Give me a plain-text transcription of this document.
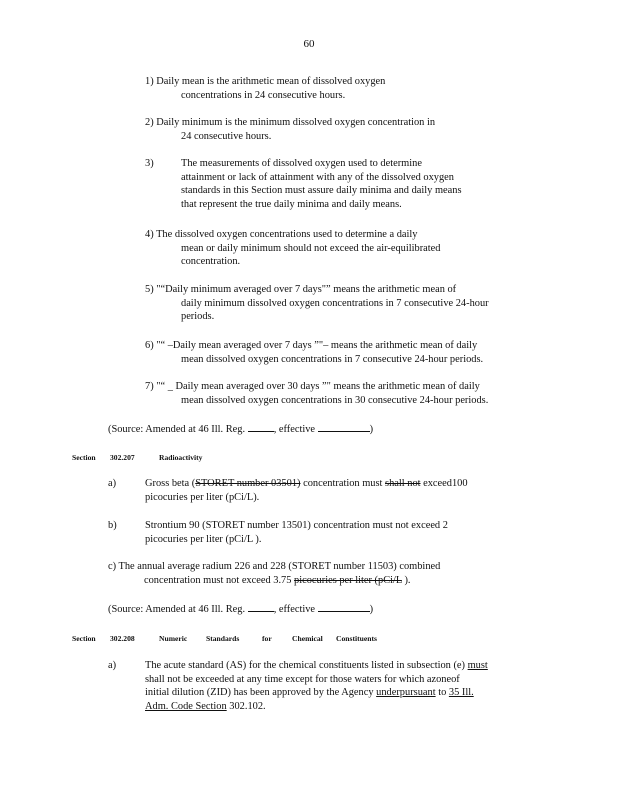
60
1) Daily mean is the arithmetic mean of dissolved oxygen
concentrations in 24 consecutive hours.
2) Daily minimum is the minimum dissolved oxygen concentration in
24 consecutive hours.
3)	The measurements of dissolved oxygen used to determine
attainment or lack of attainment with any of the dissolved oxygen
standards in this Section must assure daily minima and daily means
that represent the true daily minima and daily means.
4) The dissolved oxygen concentrations used to determine a daily
mean or daily minimum should not exceed the air-equilibrated
concentration.
5) "“Daily minimum averaged over 7 days"” means the arithmetic mean of
daily minimum dissolved oxygen concentrations in 7 consecutive 24-hour
periods.
6) "“ –Daily mean averaged over 7 days ”"– means the arithmetic mean of daily
mean dissolved oxygen concentrations in 7 consecutive 24-hour periods.
7) "“ _ Daily mean averaged over 30 days ”" means the arithmetic mean of daily
mean dissolved oxygen concentrations in 30 consecutive 24-hour periods.
(Source: Amended at 46 Ill. Reg.	, effective	)
Section 302.207	Radioactivity
a)	Gross beta (STORET number 03501) concentration must shall not exceed100
picocuries per liter (pCi/L).
b)	Strontium 90 (STORET number 13501) concentration must not exceed 2
picocuries per liter (pCi/L ).
c) The annual average radium 226 and 228 (STORET number 11503) combined
concentration must not exceed 3.75 picocuries per liter (pCi/L ).
(Source: Amended at 46 Ill. Reg.	, effective	)
Section 302.208	Numeric Standards	for	Chemical Constituents
a)	The acute standard (AS) for the chemical constituents listed in subsection (e) must
shall not be exceeded at any time except for those waters for which azoneof
initial dilution (ZID) has been approved by the Agency underpursuant to 35 Ill.
Adm. Code Section 302.102.
